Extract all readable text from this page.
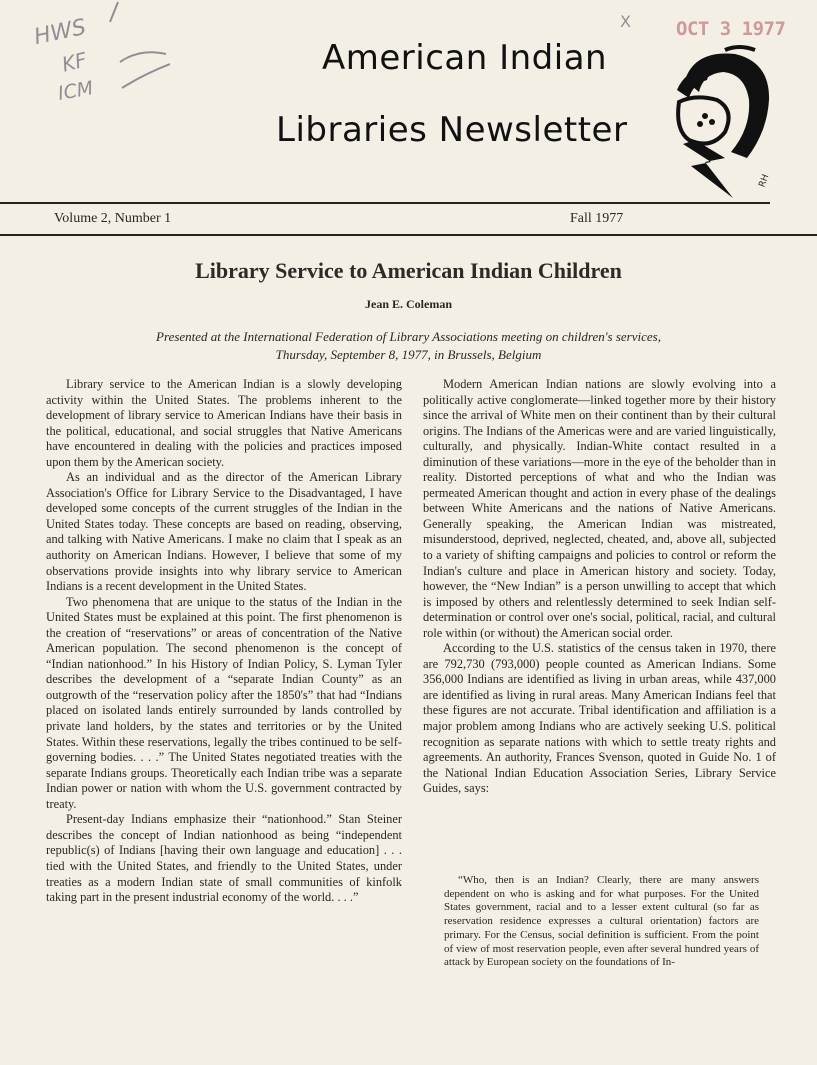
HWS
KF
ICM
X OCT 3 1977
American Indian
Libraries Newsletter
RH
Volume 2, Number 1	Fall 1977
Library Service to American Indian Children
Jean E. Coleman
Presented at the International Federation of Library Associations meeting on children's services,
Thursday, September 8, 1977, in Brussels, Belgium

Library service to the American Indian is a slowly developing activity within the United States. The problems inherent to the development of library service to American Indians have their basis in the political, educational, and social struggles that Native Americans have encountered in dealing with the policies and practices imposed upon them by the American society.

As an individual and as the director of the American Library Association's Office for Library Service to the Disadvantaged, I have developed some concepts of the current struggles of the Indian in the United States today. These concepts are based on reading, observing, and talking with Native Americans. I make no claim that I speak as an authority on American Indians. However, I believe that some of my observations provide insights into why library service to American Indians is a recent development in the United States.

Two phenomena that are unique to the status of the Indian in the United States must be explained at this point. The first phenomenon is the creation of “reservations” or areas of concentration of the Native American population. The second phenomenon is the concept of “Indian nationhood.” In his History of Indian Policy, S. Lyman Tyler describes the development of a “separate Indian County” as an outgrowth of the “reservation policy after the 1850's” that had “Indians placed on isolated lands entirely surrounded by lands controlled by private land holders, by the states and territories or by the United States. Within these reservations, legally the tribes continued to be self-governing bodies. . . .” The United States negotiated treaties with the separate Indians groups. Theoretically each Indian tribe was a separate Indian power or nation with whom the U.S. government contracted by treaty.

Present-day Indians emphasize their “nationhood.” Stan Steiner describes the concept of Indian nationhood as being “independent republic(s) of Indians [having their own language and education] . . . tied with the United States, and friendly to the United States, under treaties as a modern Indian state of small communities of kinfolk taking part in the present industrial economy of the world. . . .”

Modern American Indian nations are slowly evolving into a politically active conglomerate—linked together more by their history since the arrival of White men on their continent than by their cultural origins. The Indians of the Americas were and are varied linguistically, culturally, and physically. Indian-White contact resulted in a diminution of these variations—more in the eye of the beholder than in reality. Distorted perceptions of what and who the Indian was permeated American thought and action in every phase of the dealings between White Americans and the nations of Native Americans. Generally speaking, the American Indian was mistreated, misunderstood, deprived, neglected, cheated, and, above all, subjected to a variety of shifting campaigns and policies to control or reform the Indian's culture and place in American history and society. Today, however, the “New Indian” is a person unwilling to accept that which is imposed by others and relentlessly determined to seek Indian self-determination or control over one's social, political, racial, and cultural role within (or without) the American social order.

According to the U.S. statistics of the census taken in 1970, there are 792,730 (793,000) people counted as American Indians. Some 356,000 Indians are identified as living in urban areas, while 437,000 are identified as living in rural areas. Many American Indians feel that these figures are not accurate. Tribal identification and affiliation is a major problem among Indians who are actively seeking U.S. political recognition as separate nations with which to settle treaty rights and agreements. An authority, Frances Svenson, quoted in Guide No. 1 of the National Indian Education Association Series, Library Service Guides, says:

“Who, then is an Indian? Clearly, there are many answers dependent on who is asking and for what purposes. For the United States government, racial and to a lesser extent cultural (so far as reservation residence expresses a cultural orientation) factors are primary. For the Census, social definition is sufficient. From the point of view of most reservation people, even after several hundred years of attack by European society on the foundations of In-
